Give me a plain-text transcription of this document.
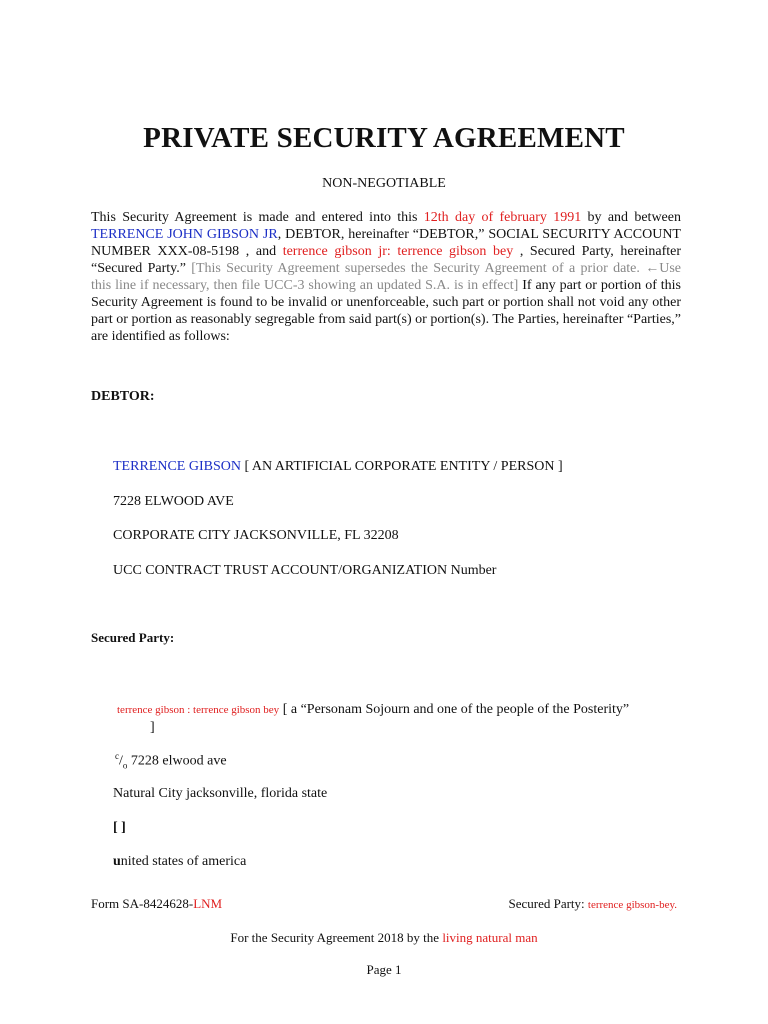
PRIVATE SECURITY AGREEMENT
NON-NEGOTIABLE
This Security Agreement is made and entered into this 12th day of february 1991 by and between TERRENCE JOHN GIBSON JR, DEBTOR, hereinafter “DEBTOR,” SOCIAL SECURITY ACCOUNT NUMBER XXX-08-5198 , and terrence gibson jr: terrence gibson bey , Secured Party, hereinafter “Secured Party.” [This Security Agreement supersedes the Security Agreement of a prior date. ←Use this line if necessary, then file UCC-3 showing an updated S.A. is in effect] If any part or portion of this Security Agreement is found to be invalid or unenforceable, such part or portion shall not void any other part or portion as reasonably segregable from said part(s) or portion(s). The Parties, hereinafter “Parties,” are identified as follows:
DEBTOR:
TERRENCE GIBSON [ AN ARTIFICIAL CORPORATE ENTITY / PERSON ]
7228 ELWOOD AVE
CORPORATE CITY JACKSONVILLE, FL 32208
UCC CONTRACT TRUST ACCOUNT/ORGANIZATION Number
Secured Party:
terrence gibson : terrence gibson bey [ a “Personam Sojourn and one of the people of the Posterity”
]
$^c/_o$ 7228 elwood ave
Natural City jacksonville, florida state
[ ]
united states of america
Form SA-8424628-LNM	Secured Party: terrence gibson-bey.
For the Security Agreement 2018 by the living natural man
Page 1
